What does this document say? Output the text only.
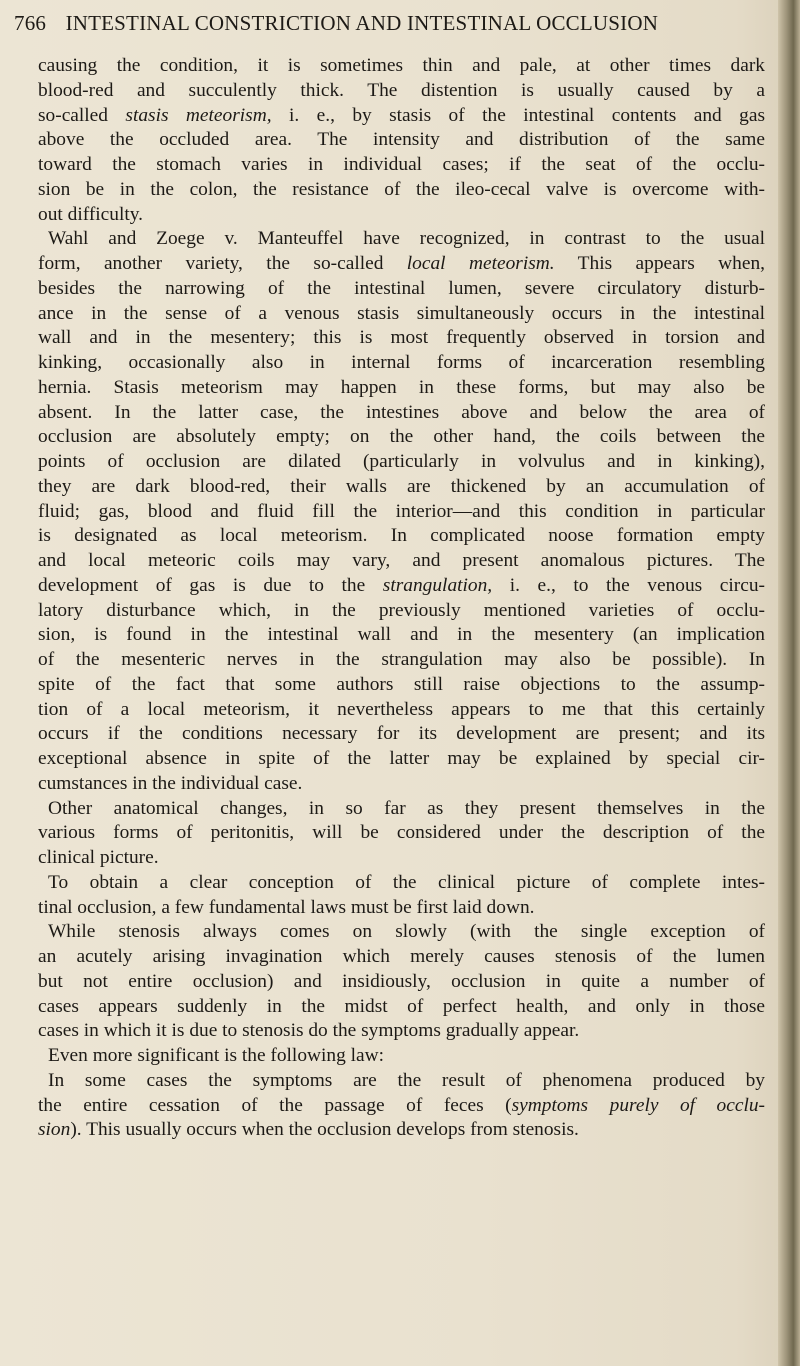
766 INTESTINAL CONSTRICTION AND INTESTINAL OCCLUSION
causing the condition, it is sometimes thin and pale, at other times dark
blood-red and succulently thick. The distention is usually caused by a
so-called stasis meteorism, i. e., by stasis of the intestinal contents and gas
above the occluded area. The intensity and distribution of the same
toward the stomach varies in individual cases; if the seat of the occlu-
sion be in the colon, the resistance of the ileo-cecal valve is overcome with-
out difficulty.
Wahl and Zoege v. Manteuffel have recognized, in contrast to the usual
form, another variety, the so-called local meteorism. This appears when,
besides the narrowing of the intestinal lumen, severe circulatory disturb-
ance in the sense of a venous stasis simultaneously occurs in the intestinal
wall and in the mesentery; this is most frequently observed in torsion and
kinking, occasionally also in internal forms of incarceration resembling
hernia. Stasis meteorism may happen in these forms, but may also be
absent. In the latter case, the intestines above and below the area of
occlusion are absolutely empty; on the other hand, the coils between the
points of occlusion are dilated (particularly in volvulus and in kinking),
they are dark blood-red, their walls are thickened by an accumulation of
fluid; gas, blood and fluid fill the interior—and this condition in particular
is designated as local meteorism. In complicated noose formation empty
and local meteoric coils may vary, and present anomalous pictures. The
development of gas is due to the strangulation, i. e., to the venous circu-
latory disturbance which, in the previously mentioned varieties of occlu-
sion, is found in the intestinal wall and in the mesentery (an implication
of the mesenteric nerves in the strangulation may also be possible). In
spite of the fact that some authors still raise objections to the assump-
tion of a local meteorism, it nevertheless appears to me that this certainly
occurs if the conditions necessary for its development are present; and its
exceptional absence in spite of the latter may be explained by special cir-
cumstances in the individual case.
Other anatomical changes, in so far as they present themselves in the
various forms of peritonitis, will be considered under the description of the
clinical picture.
To obtain a clear conception of the clinical picture of complete intes-
tinal occlusion, a few fundamental laws must be first laid down.
While stenosis always comes on slowly (with the single exception of
an acutely arising invagination which merely causes stenosis of the lumen
but not entire occlusion) and insidiously, occlusion in quite a number of
cases appears suddenly in the midst of perfect health, and only in those
cases in which it is due to stenosis do the symptoms gradually appear.
Even more significant is the following law:
In some cases the symptoms are the result of phenomena produced by
the entire cessation of the passage of feces (symptoms purely of occlu-
sion). This usually occurs when the occlusion develops from stenosis.
